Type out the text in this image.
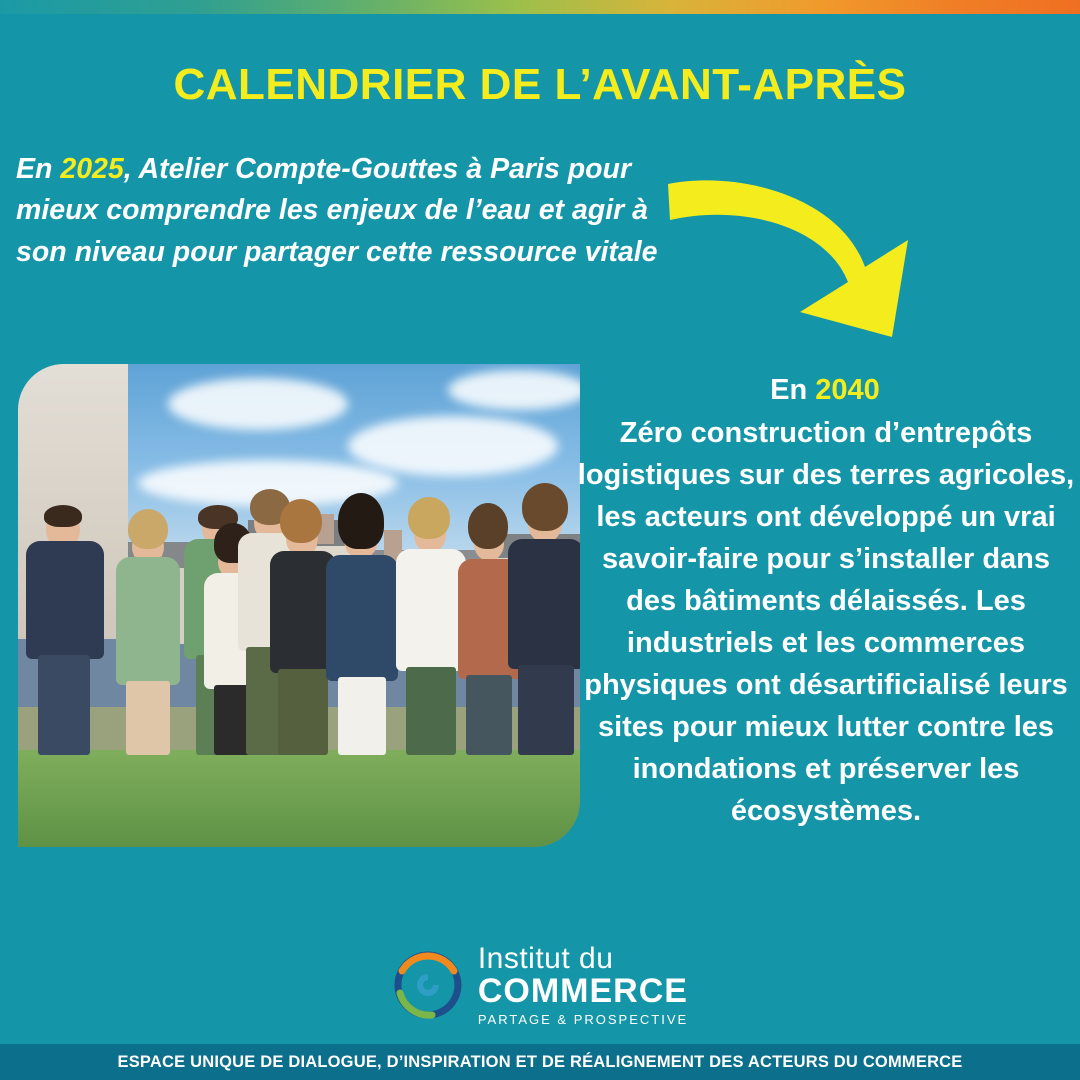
CALENDRIER DE L’AVANT-APRÈS
En 2025, Atelier Compte-Gouttes à Paris pour mieux comprendre les enjeux de l’eau et agir à son niveau pour partager cette ressource vitale
En 2040
Zéro construction d’entrepôts logistiques sur des terres agricoles, les acteurs ont développé un vrai savoir-faire pour s’installer dans des bâtiments délaissés. Les industriels et les commerces physiques ont désartificialisé leurs sites pour mieux lutter contre les inondations et préserver les écosystèmes.
Institut du
COMMERCE
PARTAGE & PROSPECTIVE
ESPACE UNIQUE DE DIALOGUE, D’INSPIRATION ET DE RÉALIGNEMENT DES ACTEURS DU COMMERCE
